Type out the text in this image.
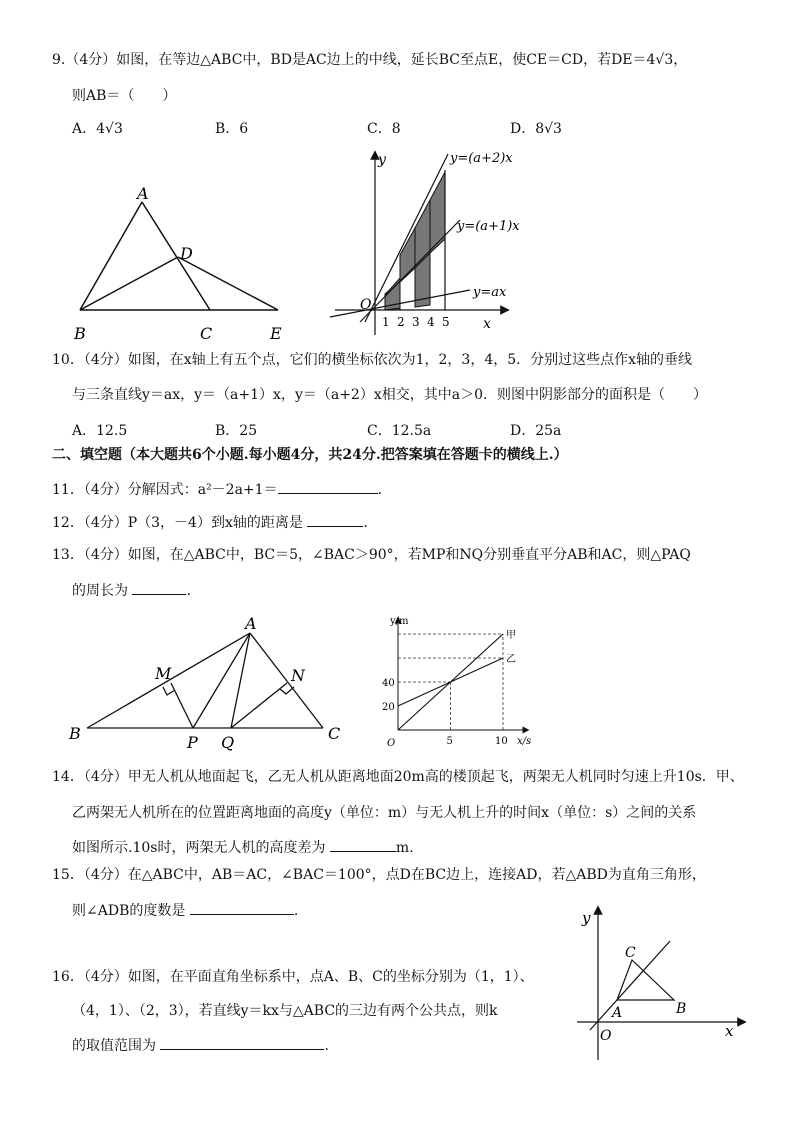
9.（4分）如图，在等边△ABC中，BD是AC边上的中线，延长BC至点E，使CE＝CD，若DE＝4√3，
则AB＝（　　）
A．4√3	B．6	C．8	D．8√3
A
B	C
D
E
y
x
O
y=(a+2)x
y=(a+1)x
y=ax
1 2 3 4 5
10．（4分）如图，在x轴上有五个点，它们的横坐标依次为1，2，3，4，5．分别过这些点作x轴的垂线
与三条直线y＝ax，y＝（a+1）x，y＝（a+2）x相交，其中a＞0．则图中阴影部分的面积是（　　）
A．12.5	B．25	C．12.5a	D．25a
二、填空题（本大题共6个小题.每小题4分，共24分.把答案填在答题卡的横线上.）
11．（4分）分解因式：a²－2a+1＝	.
12．（4分）P（3，－4）到x轴的距离是	.
13．（4分）如图，在△ABC中，BC＝5，∠BAC＞90°，若MP和NQ分别垂直平分AB和AC，则△PAQ
的周长为	.
A
B	C
M	N
P Q
y/m
x/s
O
甲
乙
5	10
20
40
14．（4分）甲无人机从地面起飞，乙无人机从距离地面20m高的楼顶起飞，两架无人机同时匀速上升10s．甲、
乙两架无人机所在的位置距离地面的高度y（单位：m）与无人机上升的时间x（单位：s）之间的关系
如图所示.10s时，两架无人机的高度差为	m.
15．（4分）在△ABC中，AB＝AC，∠BAC＝100°，点D在BC边上，连接AD，若△ABD为直角三角形，
则∠ADB的度数是	.
16．（4分）如图，在平面直角坐标系中，点A、B、C的坐标分别为（1，1）、
（4，1）、（2，3），若直线y＝kx与△ABC的三边有两个公共点，则k
的取值范围为	.
y
x
O
A	B
C
